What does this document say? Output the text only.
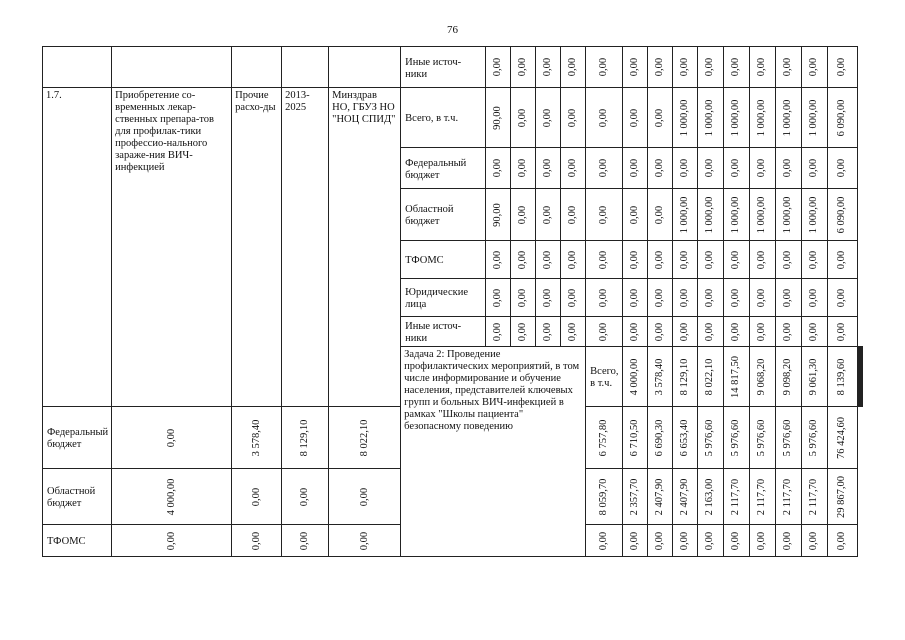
76
					Иные источ-ники	0,00	0,00	0,00	0,00	0,00	0,00	0,00	0,00	0,00	0,00	0,00	0,00	0,00	0,00			

1.7.	Приобретение со-временных лекар-ственных препара-тов для профилак-тики профессио-нального зараже-ния ВИЧ-инфекцией	Прочие расхо-ды	2013-2025	Минздрав НО, ГБУЗ НО "НОЦ СПИД"	Всего, в т.ч.	90,00	0,00	0,00	0,00	0,00	0,00	0,00	1 000,00	1 000,00	1 000,00	1 000,00	1 000,00	1 000,00	6 090,00			

					Федеральный бюджет	0,00	0,00	0,00	0,00	0,00	0,00	0,00	0,00	0,00	0,00	0,00	0,00	0,00	0,00			

					Областной бюджет	90,00	0,00	0,00	0,00	0,00	0,00	0,00	1 000,00	1 000,00	1 000,00	1 000,00	1 000,00	1 000,00	6 090,00			

					ТФОМС	0,00	0,00	0,00	0,00	0,00	0,00	0,00	0,00	0,00	0,00	0,00	0,00	0,00	0,00			

					Юридические лица	0,00	0,00	0,00	0,00	0,00	0,00	0,00	0,00	0,00	0,00	0,00	0,00	0,00	0,00			

					Иные источ-ники	0,00	0,00	0,00	0,00	0,00	0,00	0,00	0,00	0,00	0,00	0,00	0,00	0,00	0,00			

					Задача 2: Проведение профилактических мероприятий, в том числе информирование и обучение населения, представителей ключевых групп и больных ВИЧ-инфекцией в рамках "Школы пациента" безопасному поведению					Всего, в т.ч.	4 000,00	3 578,40	8 129,10	8 022,10	14 817,50	9 068,20	9 098,20	9 061,30	8 139,60

Федеральный бюджет	0,00	3 578,40	8 129,10	8 022,10						6 757,80	6 710,50	6 690,30	6 653,40	5 976,60	5 976,60	5 976,60	5 976,60	5 976,60	76 424,60			

Областной бюджет	4 000,00	0,00	0,00	0,00						8 059,70	2 357,70	2 407,90	2 407,90	2 163,00	2 117,70	2 117,70	2 117,70	2 117,70	29 867,00			

ТФОМС	0,00	0,00	0,00	0,00						0,00	0,00	0,00	0,00	0,00	0,00	0,00	0,00	0,00	0,00			
